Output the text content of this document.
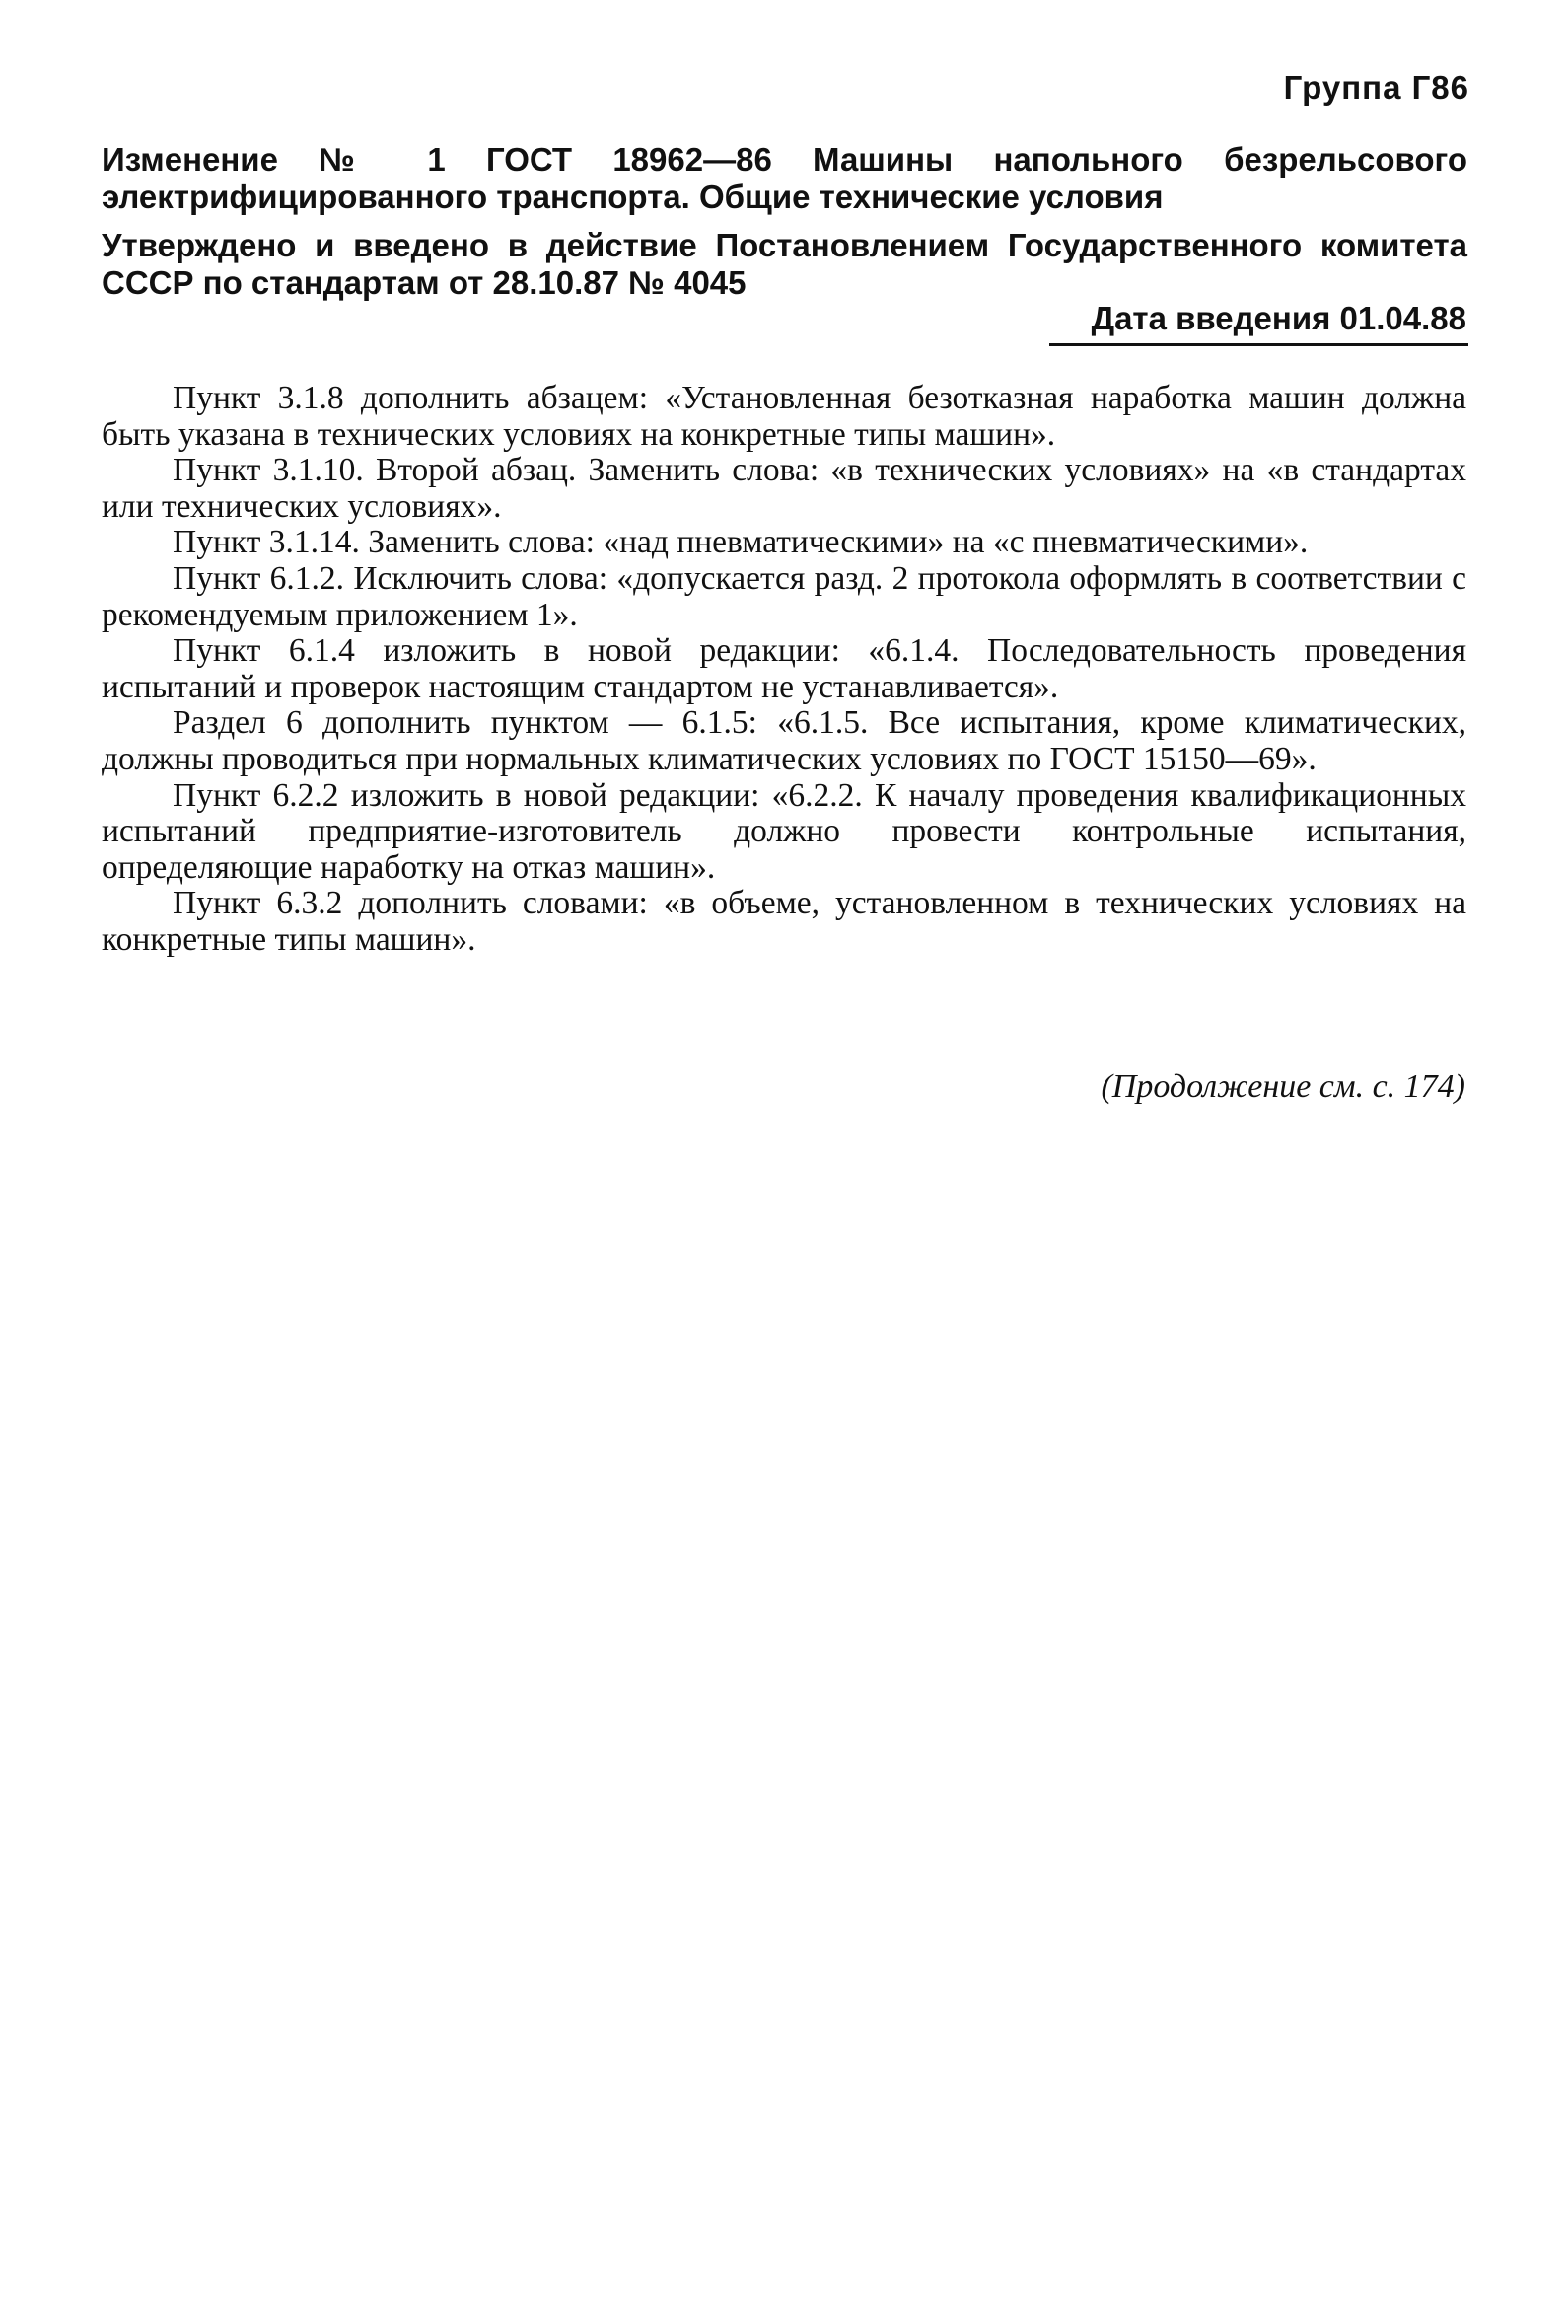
Группа Г86
Изменение № 1 ГОСТ 18962—86 Машины напольного безрельсового электрифицированного транспорта. Общие технические условия
Утверждено и введено в действие Постановлением Государственного комитета СССР по стандартам от 28.10.87 № 4045
Дата введения 01.04.88

Пункт 3.1.8 дополнить абзацем: «Установленная безотказная наработка машин должна быть указана в технических условиях на конкретные типы машин».

Пункт 3.1.10. Второй абзац. Заменить слова: «в технических условиях» на «в стандартах или технических условиях».

Пункт 3.1.14. Заменить слова: «над пневматическими» на «с пневматическими».

Пункт 6.1.2. Исключить слова: «допускается разд. 2 протокола оформлять в соответствии с рекомендуемым приложением 1».

Пункт 6.1.4 изложить в новой редакции: «6.1.4. Последовательность проведения испытаний и проверок настоящим стандартом не устанавливается».

Раздел 6 дополнить пунктом — 6.1.5: «6.1.5. Все испытания, кроме климатических, должны проводиться при нормальных климатических условиях по ГОСТ 15150—69».

Пункт 6.2.2 изложить в новой редакции: «6.2.2. К началу проведения квалификационных испытаний предприятие-изготовитель должно провести контрольные испытания, определяющие наработку на отказ машин».

Пункт 6.3.2 дополнить словами: «в объеме, установленном в технических условиях на конкретные типы машин».

(Продолжение см. с. 174)
